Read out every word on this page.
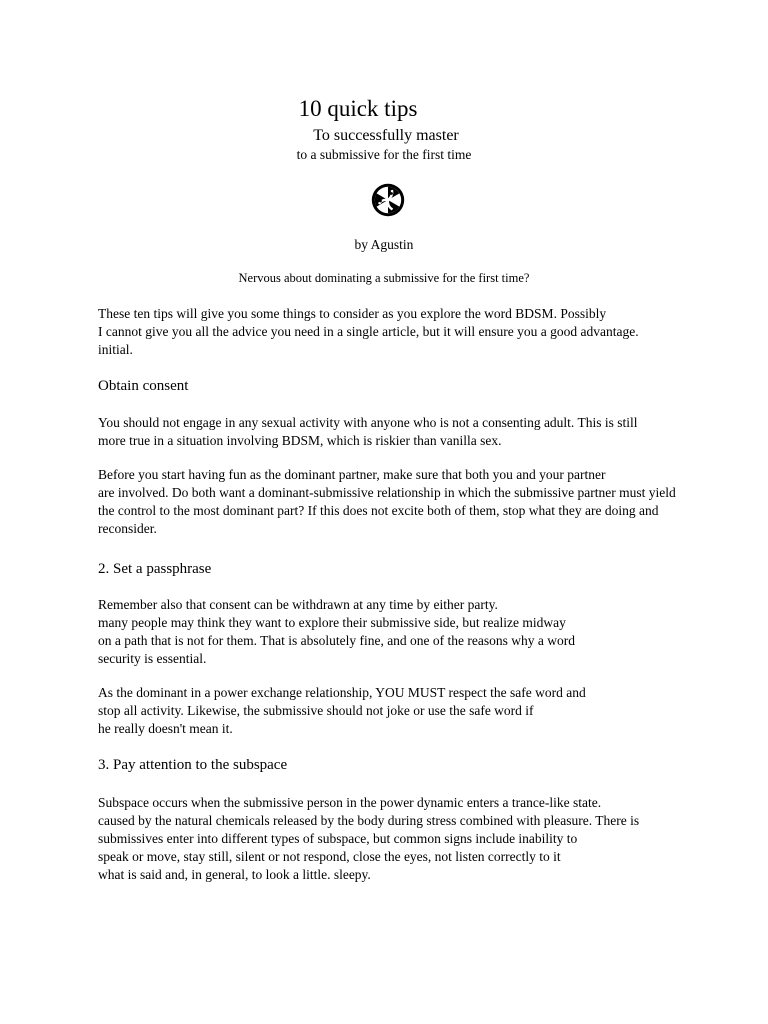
10 quick tips
To successfully master
to a submissive for the first time
by Agustin
Nervous about dominating a submissive for the first time?
These ten tips will give you some things to consider as you explore the word BDSM. Possibly
I cannot give you all the advice you need in a single article, but it will ensure you a good advantage.
initial.
Obtain consent
You should not engage in any sexual activity with anyone who is not a consenting adult. This is still
more true in a situation involving BDSM, which is riskier than vanilla sex.
Before you start having fun as the dominant partner, make sure that both you and your partner
are involved. Do both want a dominant-submissive relationship in which the submissive partner must yield
the control to the most dominant part? If this does not excite both of them, stop what they are doing and
reconsider.
2. Set a passphrase
Remember also that consent can be withdrawn at any time by either party.
many people may think they want to explore their submissive side, but realize midway
on a path that is not for them. That is absolutely fine, and one of the reasons why a word
security is essential.
As the dominant in a power exchange relationship, YOU MUST respect the safe word and
stop all activity. Likewise, the submissive should not joke or use the safe word if
he really doesn't mean it.
3. Pay attention to the subspace
Subspace occurs when the submissive person in the power dynamic enters a trance-like state.
caused by the natural chemicals released by the body during stress combined with pleasure. There is
submissives enter into different types of subspace, but common signs include inability to
speak or move, stay still, silent or not respond, close the eyes, not listen correctly to it
what is said and, in general, to look a little. sleepy.
